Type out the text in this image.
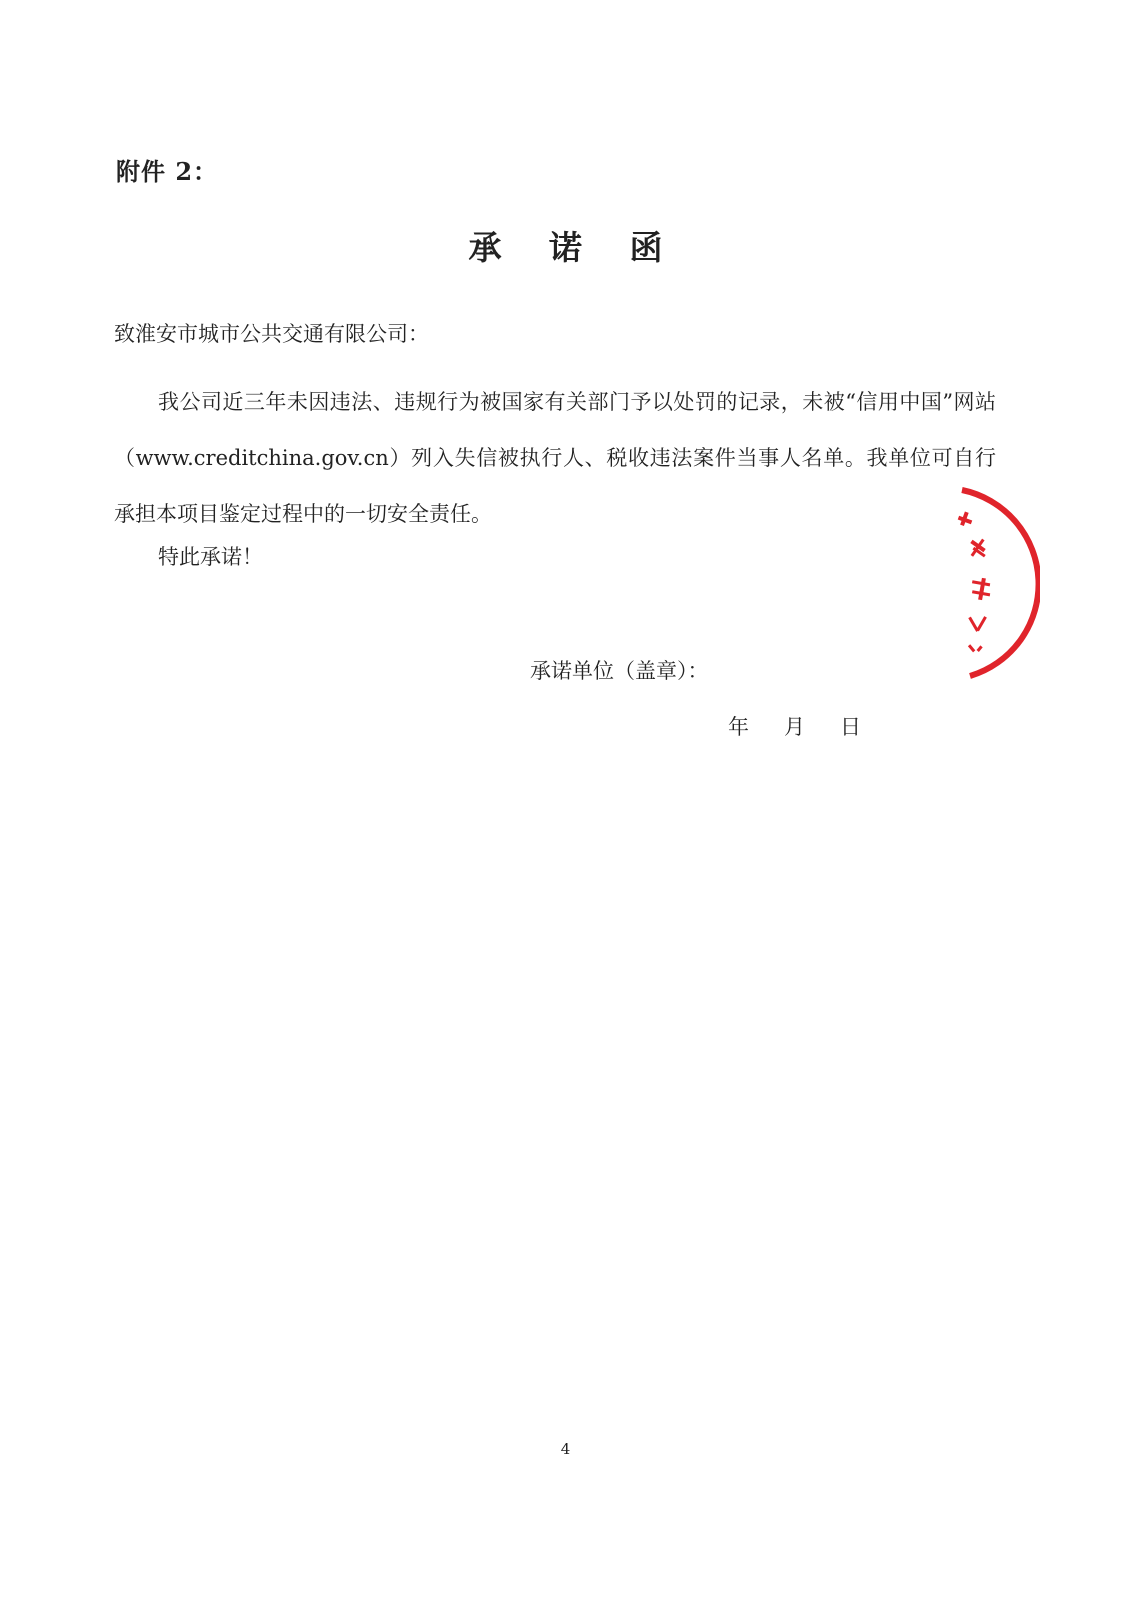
附件 2：
承 诺 函
致淮安市城市公共交通有限公司：
我公司近三年未因违法、违规行为被国家有关部门予以处罚的记录，未被“信用中国”网站（www.creditchina.gov.cn）列入失信被执行人、税收违法案件当事人名单。我单位可自行承担本项目鉴定过程中的一切安全责任。
特此承诺！
承诺单位（盖章）：
年	月	日
4
